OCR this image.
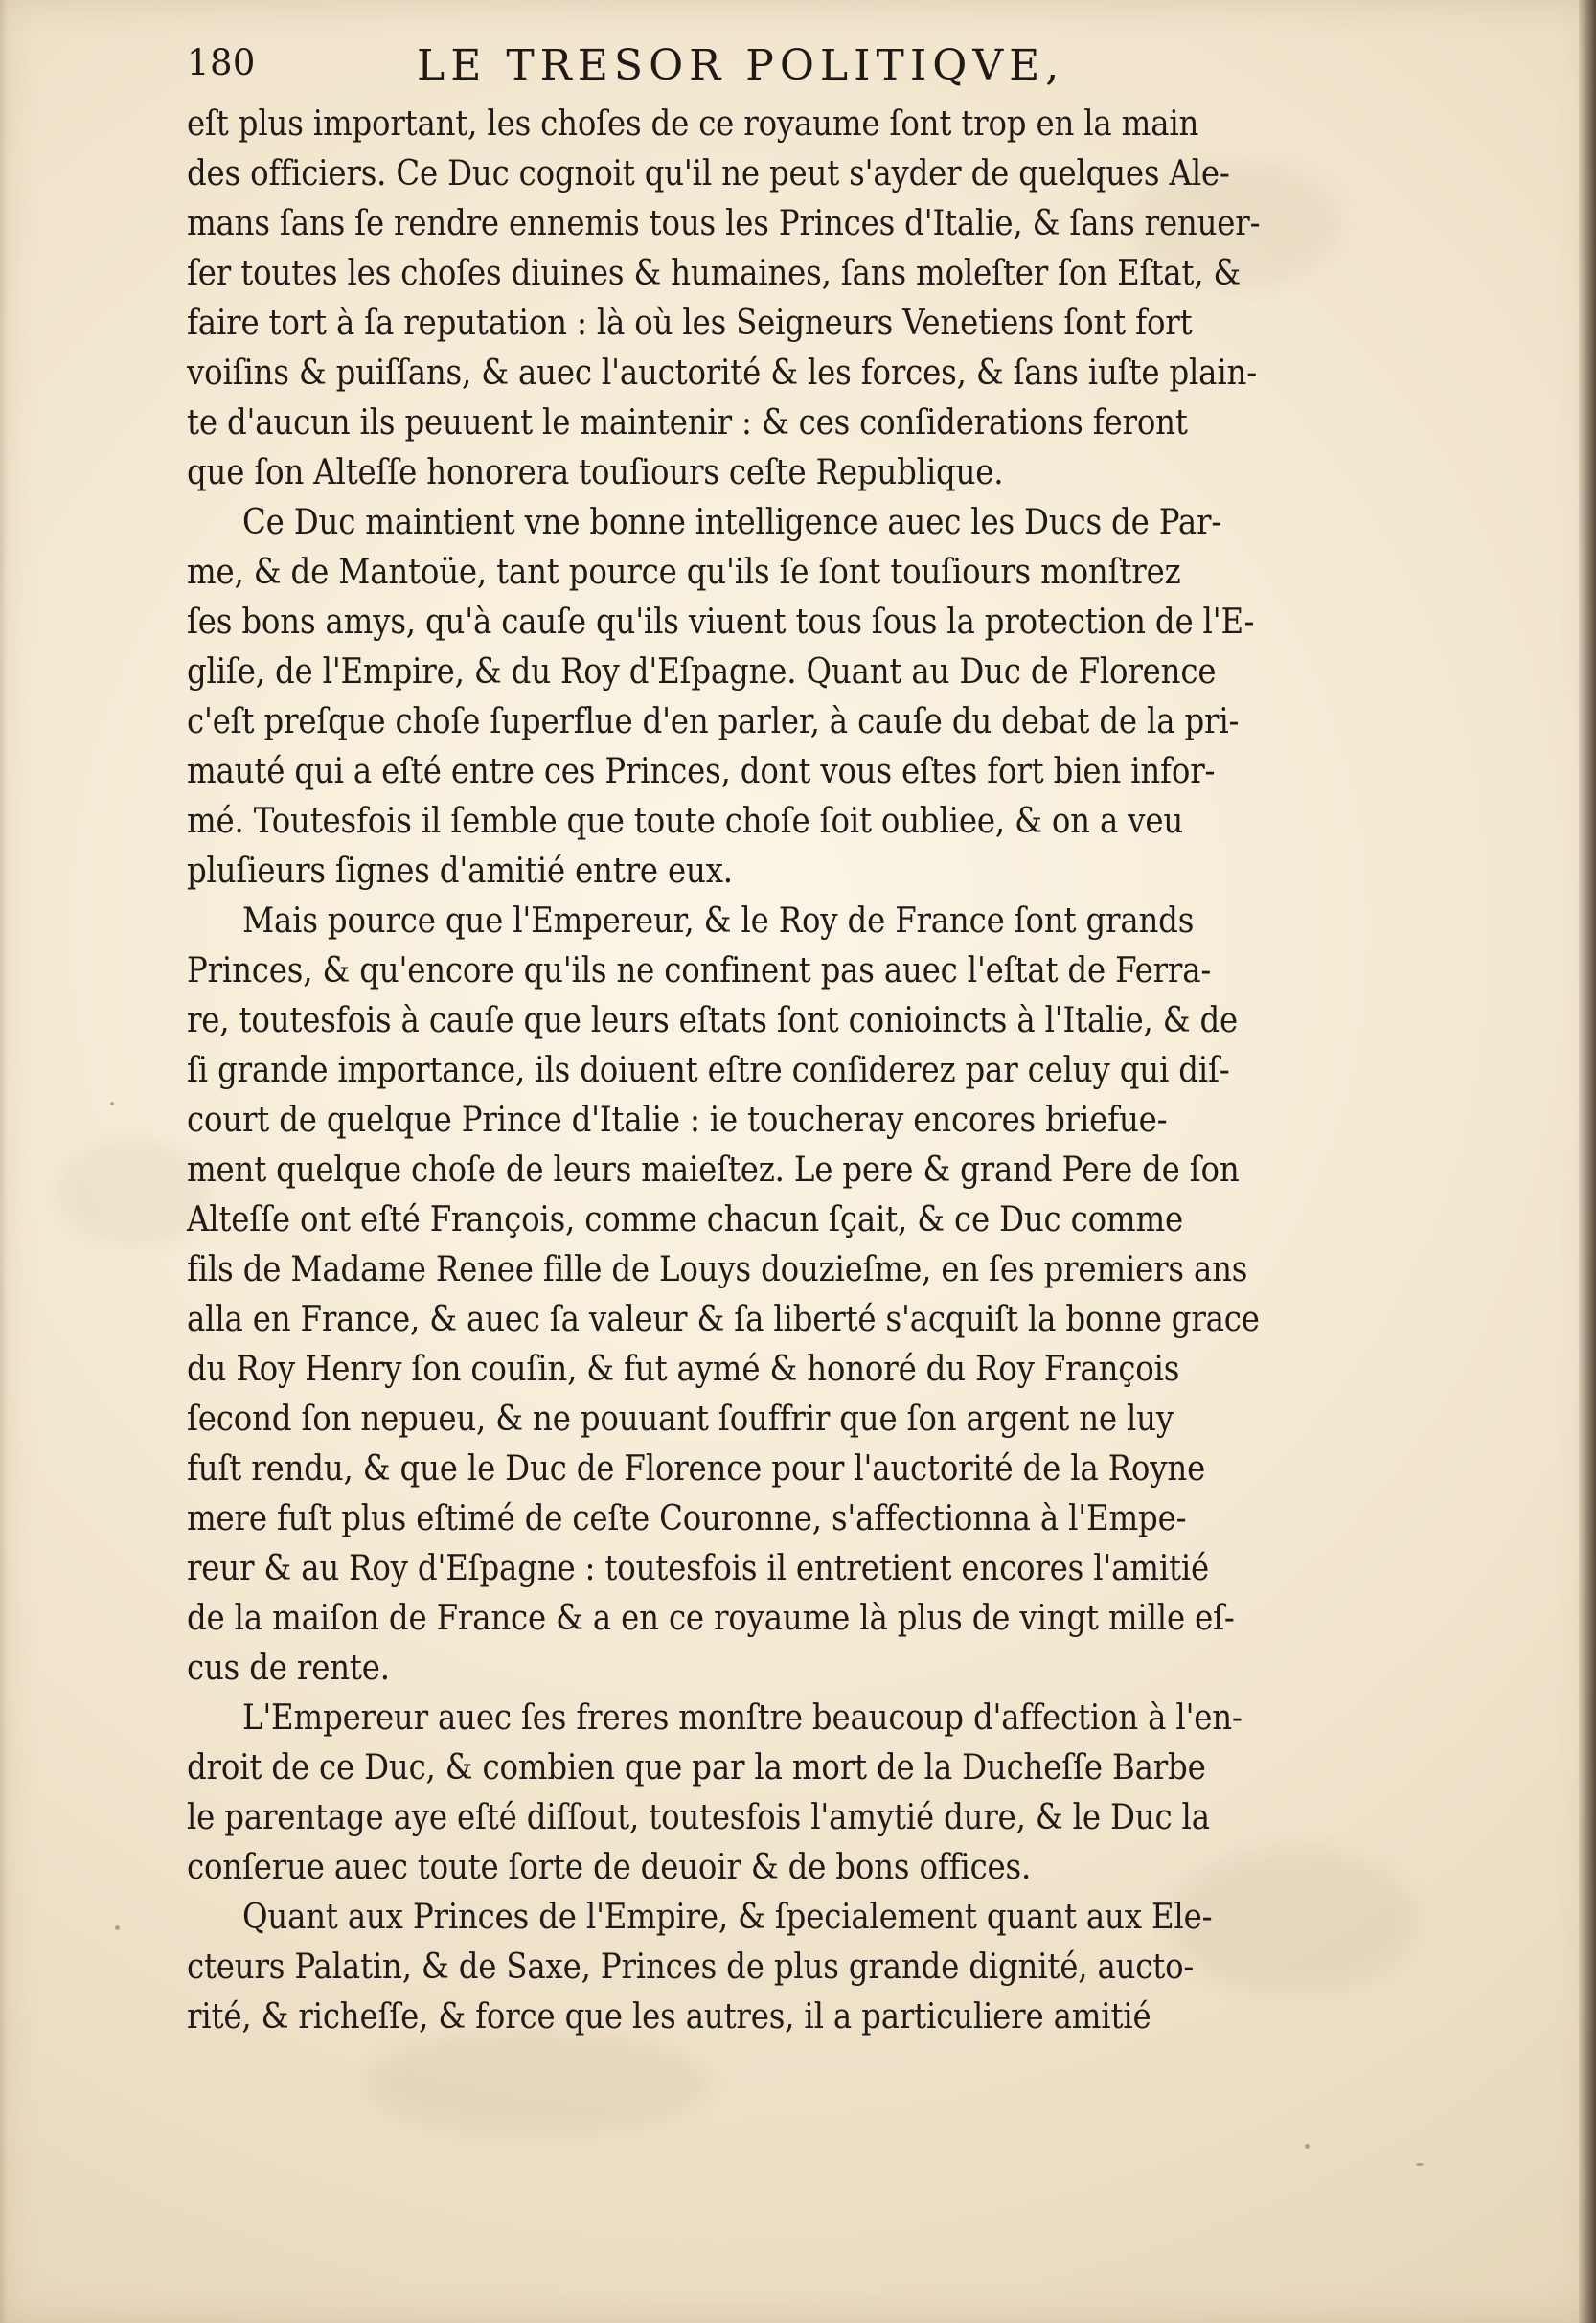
180	LE TRESOR POLITIQVE,
eſt plus important, les choſes de ce royaume ſont trop en la main
des officiers. Ce Duc cognoit qu'il ne peut s'ayder de quelques Ale-
mans ſans ſe rendre ennemis tous les Princes d'Italie, & ſans renuer-
ſer toutes les choſes diuines & humaines, ſans moleſter ſon Eſtat, &
faire tort à ſa reputation : là où les Seigneurs Venetiens ſont fort
voiſins & puiſſans, & auec l'auctorité & les forces, & ſans iuſte plain-
te d'aucun ils peuuent le maintenir : & ces conſiderations feront
que ſon Alteſſe honorera touſiours ceſte Republique.
Ce Duc maintient vne bonne intelligence auec les Ducs de Par-
me, & de Mantoüe, tant pource qu'ils ſe ſont touſiours monſtrez
ſes bons amys, qu'à cauſe qu'ils viuent tous ſous la protection de l'E-
gliſe, de l'Empire, & du Roy d'Eſpagne. Quant au Duc de Florence
c'eſt preſque choſe ſuperflue d'en parler, à cauſe du debat de la pri-
mauté qui a eſté entre ces Princes, dont vous eſtes fort bien infor-
mé. Toutesfois il ſemble que toute choſe ſoit oubliee, & on a veu
pluſieurs ſignes d'amitié entre eux.
Mais pource que l'Empereur, & le Roy de France ſont grands
Princes, & qu'encore qu'ils ne confinent pas auec l'eſtat de Ferra-
re, toutesfois à cauſe que leurs eſtats ſont conioincts à l'Italie, & de
ſi grande importance, ils doiuent eſtre conſiderez par celuy qui diſ-
court de quelque Prince d'Italie : ie toucheray encores briefue-
ment quelque choſe de leurs maieſtez. Le pere & grand Pere de ſon
Alteſſe ont eſté François, comme chacun ſçait, & ce Duc comme
fils de Madame Renee fille de Louys douzieſme, en ſes premiers ans
alla en France, & auec ſa valeur & ſa liberté s'acquiſt la bonne grace
du Roy Henry ſon couſin, & fut aymé & honoré du Roy François
ſecond ſon nepueu, & ne pouuant ſouffrir que ſon argent ne luy
fuſt rendu, & que le Duc de Florence pour l'auctorité de la Royne
mere fuſt plus eſtimé de ceſte Couronne, s'affectionna à l'Empe-
reur & au Roy d'Eſpagne : toutesfois il entretient encores l'amitié
de la maiſon de France & a en ce royaume là plus de vingt mille eſ-
cus de rente.
L'Empereur auec ſes freres monſtre beaucoup d'affection à l'en-
droit de ce Duc, & combien que par la mort de la Ducheſſe Barbe
le parentage aye eſté diſſout, toutesfois l'amytié dure, & le Duc la
conſerue auec toute ſorte de deuoir & de bons offices.
Quant aux Princes de l'Empire, & ſpecialement quant aux Ele-
cteurs Palatin, & de Saxe, Princes de plus grande dignité, aucto-
rité, & richeſſe, & force que les autres, il a particuliere amitié
